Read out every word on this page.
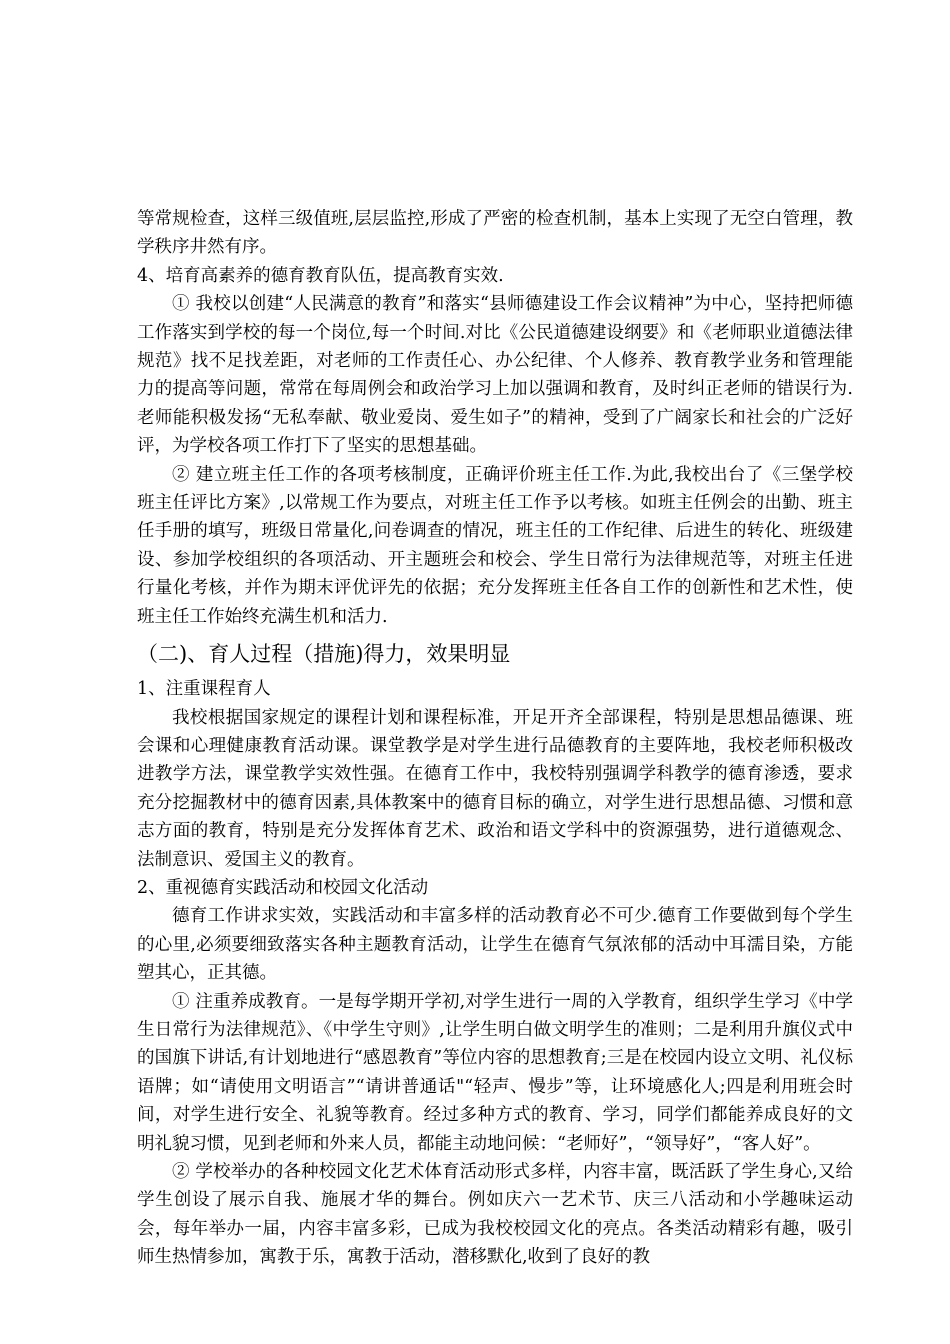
等常规检查，这样三级值班,层层监控,形成了严密的检查机制，基本上实现了无空白管理，教学秩序井然有序。

4、培育高素养的德育教育队伍，提高教育实效.

① 我校以创建“人民满意的教育”和落实“县师德建设工作会议精神”为中心，坚持把师德工作落实到学校的每一个岗位,每一个时间.对比《公民道德建设纲要》和《老师职业道德法律规范》找不足找差距，对老师的工作责任心、办公纪律、个人修养、教育教学业务和管理能力的提高等问题，常常在每周例会和政治学习上加以强调和教育，及时纠正老师的错误行为.老师能积极发扬“无私奉献、敬业爱岗、爱生如子”的精神，受到了广阔家长和社会的广泛好评，为学校各项工作打下了坚实的思想基础。

② 建立班主任工作的各项考核制度，正确评价班主任工作.为此,我校出台了《三堡学校班主任评比方案》,以常规工作为要点，对班主任工作予以考核。如班主任例会的出勤、班主任手册的填写，班级日常量化,问卷调查的情况，班主任的工作纪律、后进生的转化、班级建设、参加学校组织的各项活动、开主题班会和校会、学生日常行为法律规范等，对班主任进行量化考核，并作为期末评优评先的依据；充分发挥班主任各自工作的创新性和艺术性，使班主任工作始终充满生机和活力.

（二)、育人过程（措施)得力，效果明显

1、注重课程育人

我校根据国家规定的课程计划和课程标准，开足开齐全部课程，特别是思想品德课、班会课和心理健康教育活动课。课堂教学是对学生进行品德教育的主要阵地，我校老师积极改进教学方法，课堂教学实效性强。在德育工作中，我校特别强调学科教学的德育渗透，要求充分挖掘教材中的德育因素,具体教案中的德育目标的确立，对学生进行思想品德、习惯和意志方面的教育，特别是充分发挥体育艺术、政治和语文学科中的资源强势，进行道德观念、法制意识、爱国主义的教育。

2、重视德育实践活动和校园文化活动

德育工作讲求实效，实践活动和丰富多样的活动教育必不可少.德育工作要做到每个学生的心里,必须要细致落实各种主题教育活动，让学生在德育气氛浓郁的活动中耳濡目染，方能塑其心，正其德。

① 注重养成教育。一是每学期开学初,对学生进行一周的入学教育，组织学生学习《中学生日常行为法律规范》、《中学生守则》,让学生明白做文明学生的准则；二是利用升旗仪式中的国旗下讲话,有计划地进行“感恩教育”等位内容的思想教育;三是在校园内设立文明、礼仪标语牌；如“请使用文明语言”“请讲普通话"“轻声、慢步”等，让环境感化人;四是利用班会时间，对学生进行安全、礼貌等教育。经过多种方式的教育、学习，同学们都能养成良好的文明礼貌习惯，见到老师和外来人员，都能主动地问候：“老师好”，“领导好”，“客人好”。

② 学校举办的各种校园文化艺术体育活动形式多样，内容丰富，既活跃了学生身心,又给学生创设了展示自我、施展才华的舞台。例如庆六一艺术节、庆三八活动和小学趣味运动会，每年举办一届，内容丰富多彩，已成为我校校园文化的亮点。各类活动精彩有趣，吸引师生热情参加，寓教于乐，寓教于活动，潜移默化,收到了良好的教
